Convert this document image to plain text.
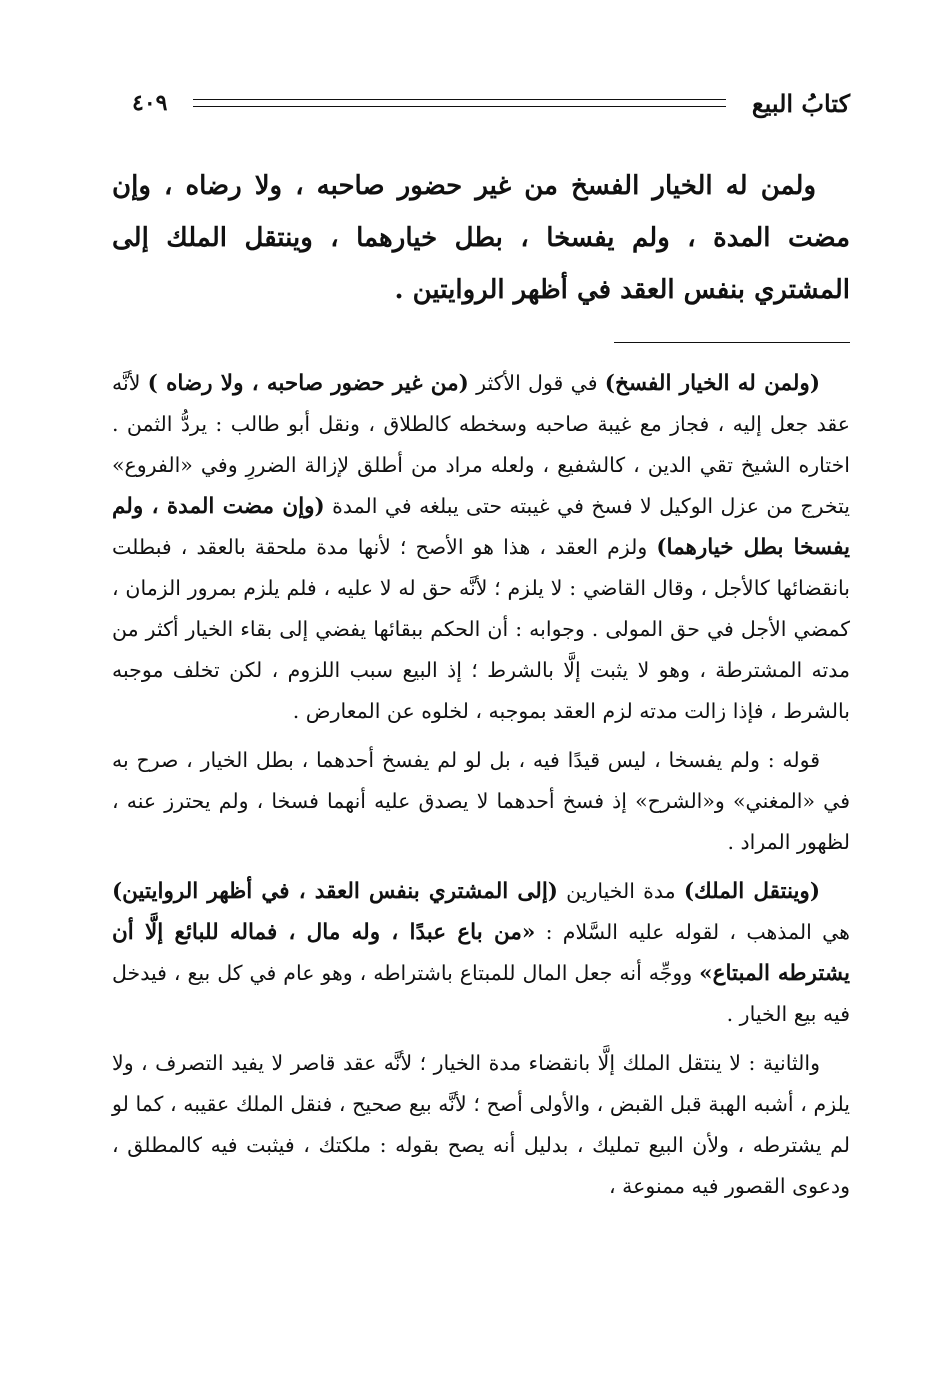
كتابُ البيع
٤٠٩
ولمن له الخيار الفسخ من غير حضور صاحبه ، ولا رضاه ، وإن مضت المدة ، ولم يفسخا ، بطل خيارهما ، وينتقل الملك إلى المشتري بنفس العقد في أظهر الروايتين .

(ولمن له الخيار الفسخ) في قول الأكثر (من غير حضور صاحبه ، ولا رضاه ) لأنَّه عقد جعل إليه ، فجاز مع غيبة صاحبه وسخطه كالطلاق ، ونقل أبو طالب : يردُّ الثمن . اختاره الشيخ تقي الدين ، كالشفيع ، ولعله مراد من أطلق لإزالة الضررِ وفي «الفروع» يتخرج من عزل الوكيل لا فسخ في غيبته حتى يبلغه في المدة (وإن مضت المدة ، ولم يفسخا بطل خيارهما) ولزم العقد ، هذا هو الأصح ؛ لأنها مدة ملحقة بالعقد ، فبطلت بانقضائها كالأجل ، وقال القاضي : لا يلزم ؛ لأنَّه حق له لا عليه ، فلم يلزم بمرور الزمان ، كمضي الأجل في حق المولى . وجوابه : أن الحكم ببقائها يفضي إلى بقاء الخيار أكثر من مدته المشترطة ، وهو لا يثبت إلَّا بالشرط ؛ إذ البيع سبب اللزوم ، لكن تخلف موجبه بالشرط ، فإذا زالت مدته لزم العقد بموجبه ، لخلوه عن المعارض .

قوله : ولم يفسخا ، ليس قيدًا فيه ، بل لو لم يفسخ أحدهما ، بطل الخيار ، صرح به في «المغني» و«الشرح» إذ فسخ أحدهما لا يصدق عليه أنهما فسخا ، ولم يحترز عنه ، لظهور المراد .

(وينتقل الملك) مدة الخيارين (إلى المشتري بنفس العقد ، في أظهر الروايتين) هي المذهب ، لقوله عليه السَّلام : «من باع عبدًا ، وله مال ، فماله للبائع إلَّا أن يشترطه المبتاع» ووجِّه أنه جعل المال للمبتاع باشتراطه ، وهو عام في كل بيع ، فيدخل فيه بيع الخيار .

والثانية : لا ينتقل الملك إلَّا بانقضاء مدة الخيار ؛ لأنَّه عقد قاصر لا يفيد التصرف ، ولا يلزم ، أشبه الهبة قبل القبض ، والأولى أصح ؛ لأنَّه بيع صحيح ، فنقل الملك عقيبه ، كما لو لم يشترطه ، ولأن البيع تمليك ، بدليل أنه يصح بقوله : ملكتك ، فيثبت فيه كالمطلق ، ودعوى القصور فيه ممنوعة ،
